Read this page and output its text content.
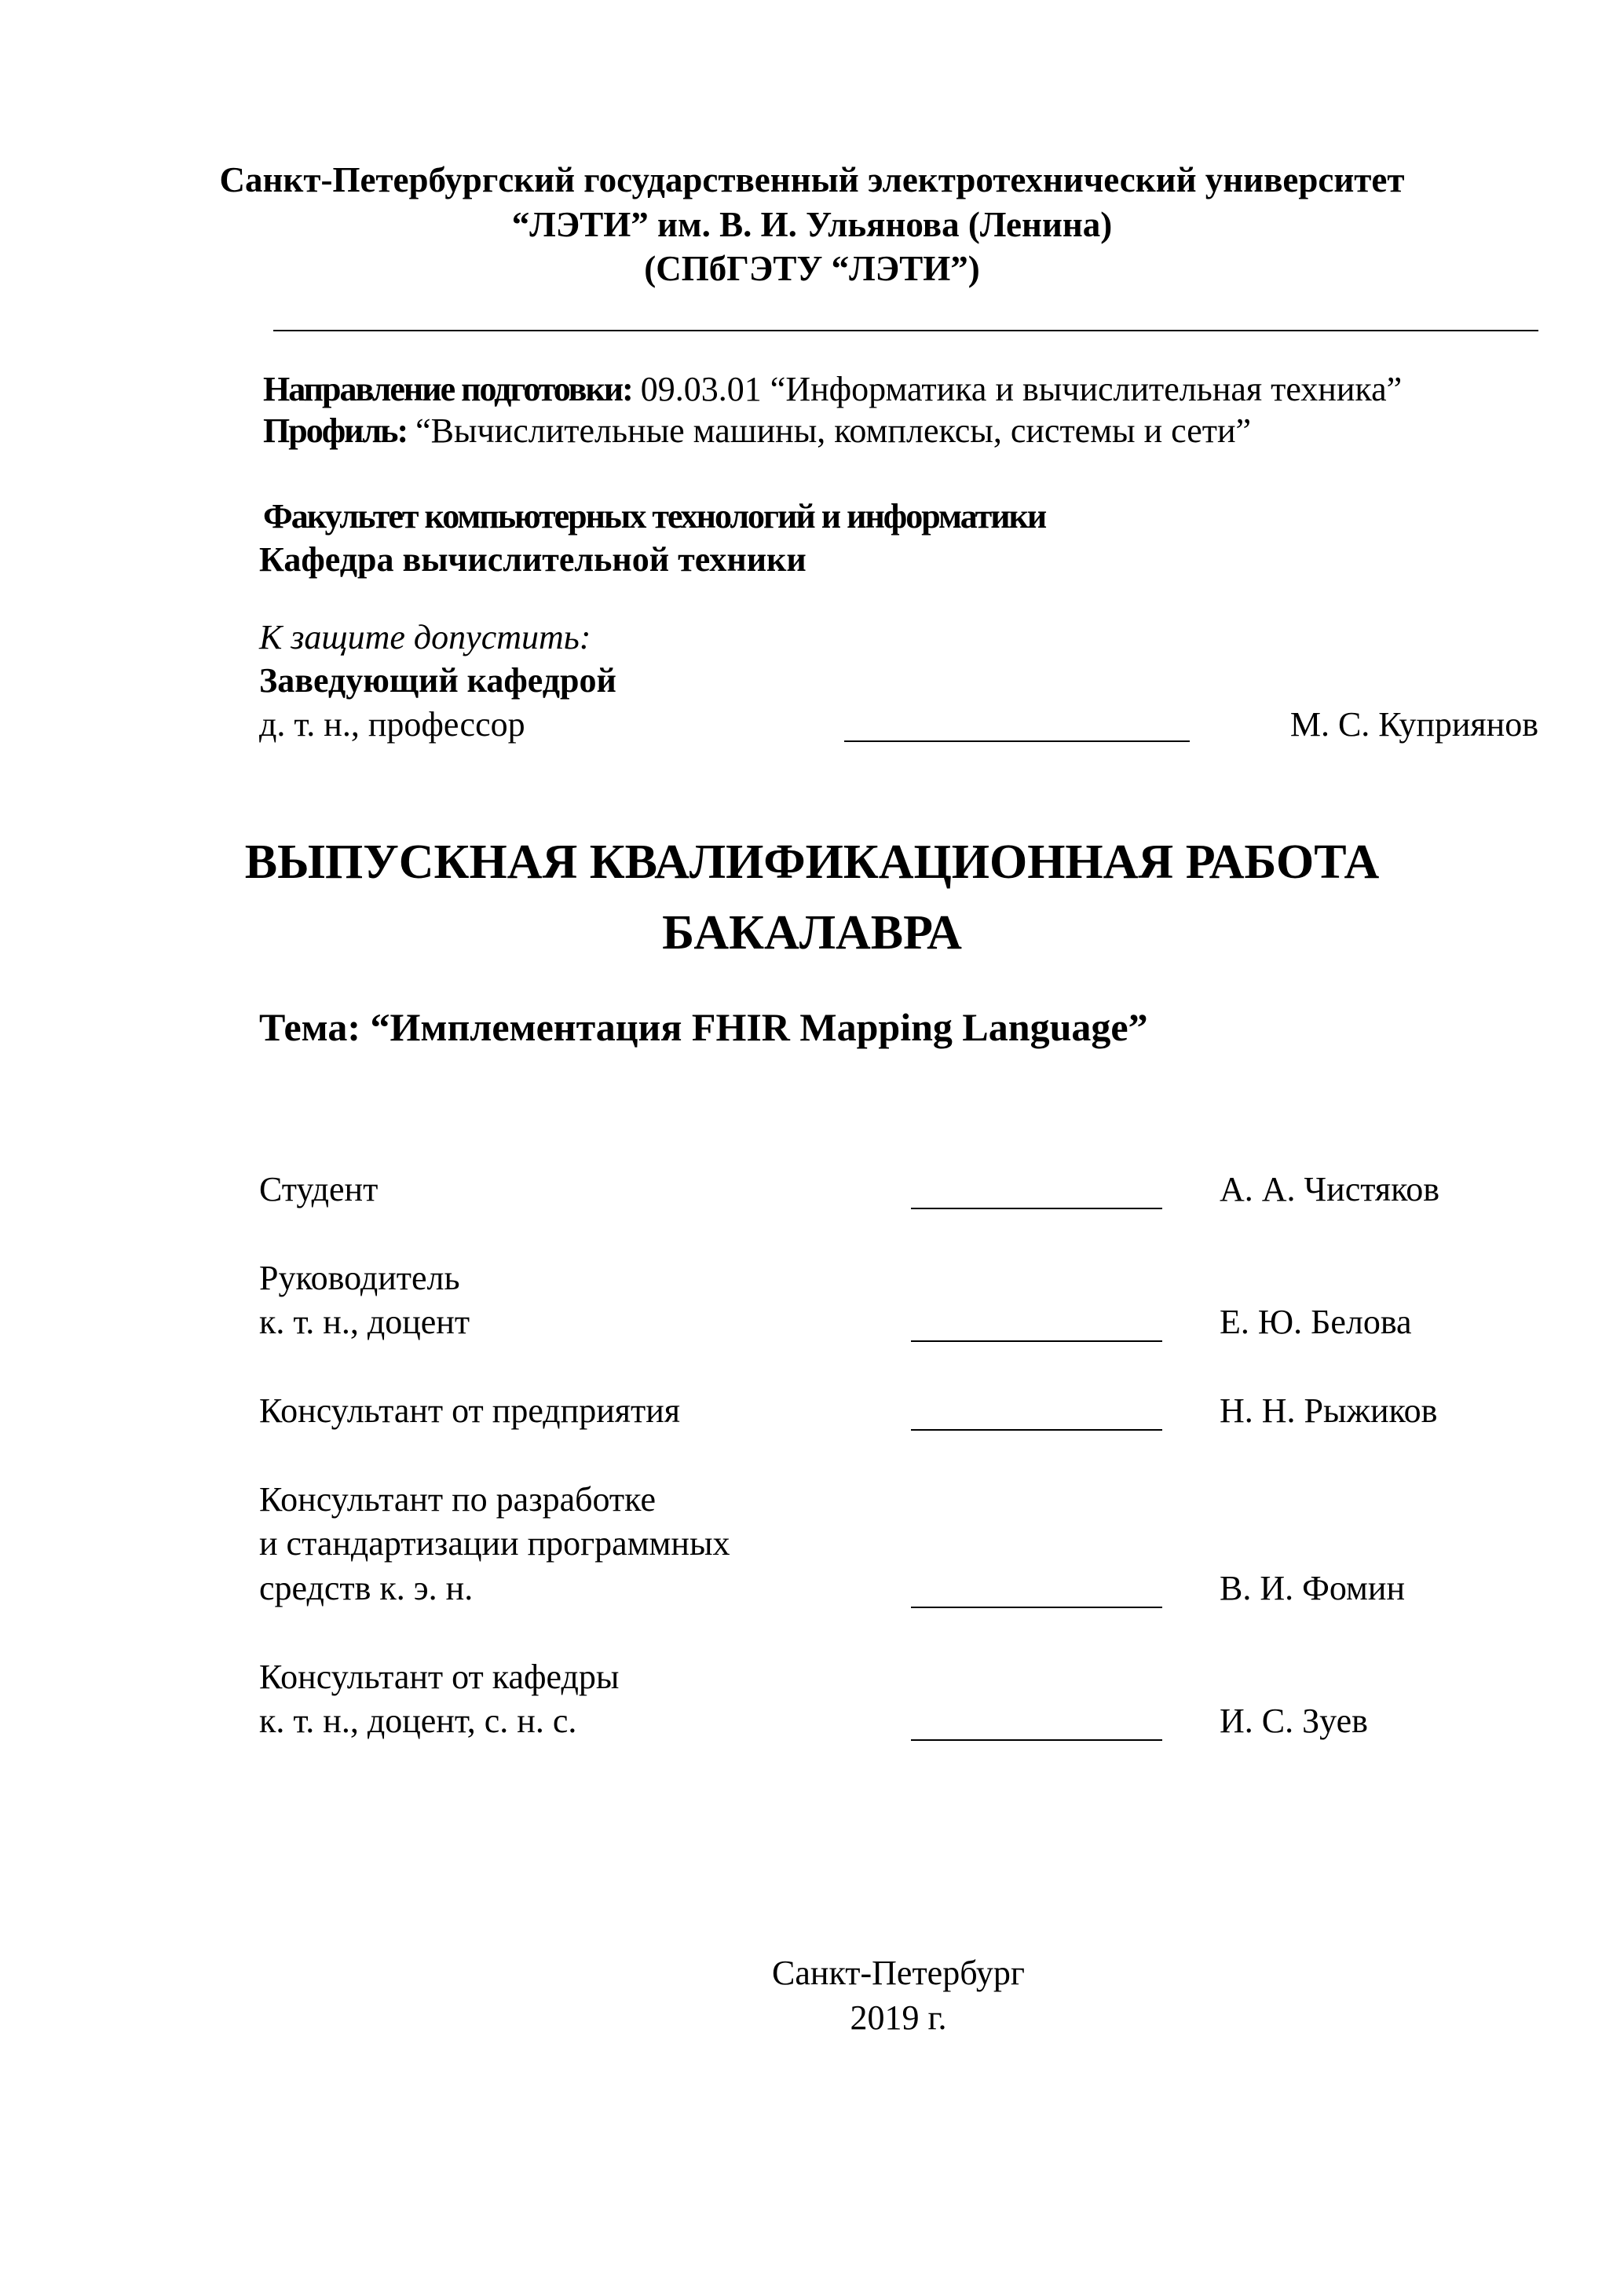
Санкт-Петербургский государственный электротехнический университет
“ЛЭТИ” им. В. И. Ульянова (Ленина)
(СПбГЭТУ “ЛЭТИ”)
Направление подготовки: 09.03.01 “Информатика и вычислительная техника”
Профиль: “Вычислительные машины, комплексы, системы и сети”
Факультет компьютерных технологий и информатики
Кафедра вычислительной техники
К защите допустить:
Заведующий кафедрой
д. т. н., профессор	М. С. Куприянов
ВЫПУСКНАЯ КВАЛИФИКАЦИОННАЯ РАБОТА
БАКАЛАВРА
Тема: “Имплементация FHIR Mapping Language”
Студент	А. А. Чистяков
Руководитель
к. т. н., доцент	Е. Ю. Белова
Консультант от предприятия	Н. Н. Рыжиков
Консультант по разработке
и стандартизации программных
средств к. э. н.	В. И. Фомин
Консультант от кафедры
к. т. н., доцент, с. н. с.	И. С. Зуев
Санкт-Петербург
2019 г.
